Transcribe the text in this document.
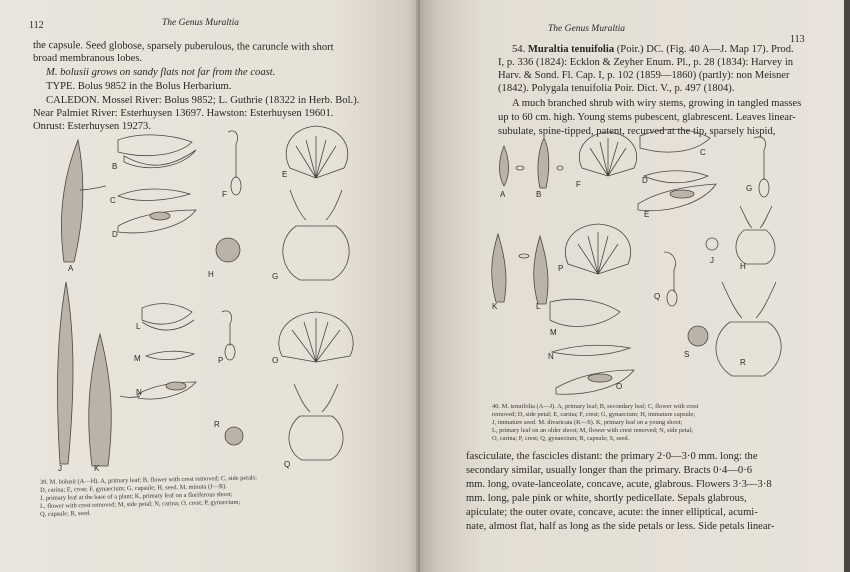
112	The Genus Muraltia
the capsule. Seed globose, sparsely puberulous, the caruncle with short
broad membranous lobes.
M. bolusii grows on sandy flats not far from the coast.
TYPE. Bolus 9852 in the Bolus Herbarium.
CALEDON. Mossel River: Bolus 9852; L. Guthrie (18322 in Herb. Bol.).
Near Palmiet River: Esterhuysen 13697. Hawston: Esterhuysen 19601.
Onrust: Esterhuysen 19273.
A
B
C
D
E
F
G
H
J	K
L
M
N
O
P
Q
R
39. M. bolusii (A—H). A, primary leaf; B, flower with crest removed; C, side petals;
D, carina; E, crest; F, gynaecium; G, capsule; H, seed. M. minuta (J—R).
J, primary leaf at the base of a plant; K, primary leaf on a floriferous shoot;
L, flower with crest removed; M, side petal; N, carina; O, crest; P, gynaecium;
Q, capsule; R, seed.
The Genus Muraltia
113
54. Muraltia tenuifolia (Poir.) DC. (Fig. 40 A—J. Map 17). Prod.
I, p. 336 (1824): Ecklon & Zeyher Enum. Pl., p. 28 (1834): Harvey in
Harv. & Sond. Fl. Cap. I, p. 102 (1859—1860) (partly): non Meisner
(1842). Polygala tenuifolia Poir. Dict. V., p. 497 (1804).
A much branched shrub with wiry stems, growing in tangled masses
up to 60 cm. high. Young stems pubescent, glabrescent. Leaves linear-
subulate, spine-tipped, patent, recurved at the tip, sparsely hispid,
A	B
C
D
E
F	G
H
J
K	L
M
N
O
P
Q
R
S
40. M. tenuifolia (A—J). A, primary leaf; B, secondary leaf; C, flower with crest
removed; D, side petal; E, carina; F, crest; G, gynaecium; H, immature capsule;
J, immature seed. M. divaricata (K—S). K, primary leaf on a young shoot;
L, primary leaf on an older shoot; M, flower with crest removed; N, side petal;
O, carina; P, crest; Q, gynaecium; R, capsule; S, seed.
fasciculate, the fascicles distant: the primary 2·0—3·0 mm. long: the
secondary similar, usually longer than the primary. Bracts 0·4—0·6
mm. long, ovate-lanceolate, concave, acute, glabrous. Flowers 3·3—3·8
mm. long, pale pink or white, shortly pedicellate. Sepals glabrous,
apiculate; the outer ovate, concave, acute: the inner elliptical, acumi-
nate, almost flat, half as long as the side petals or less. Side petals linear-
